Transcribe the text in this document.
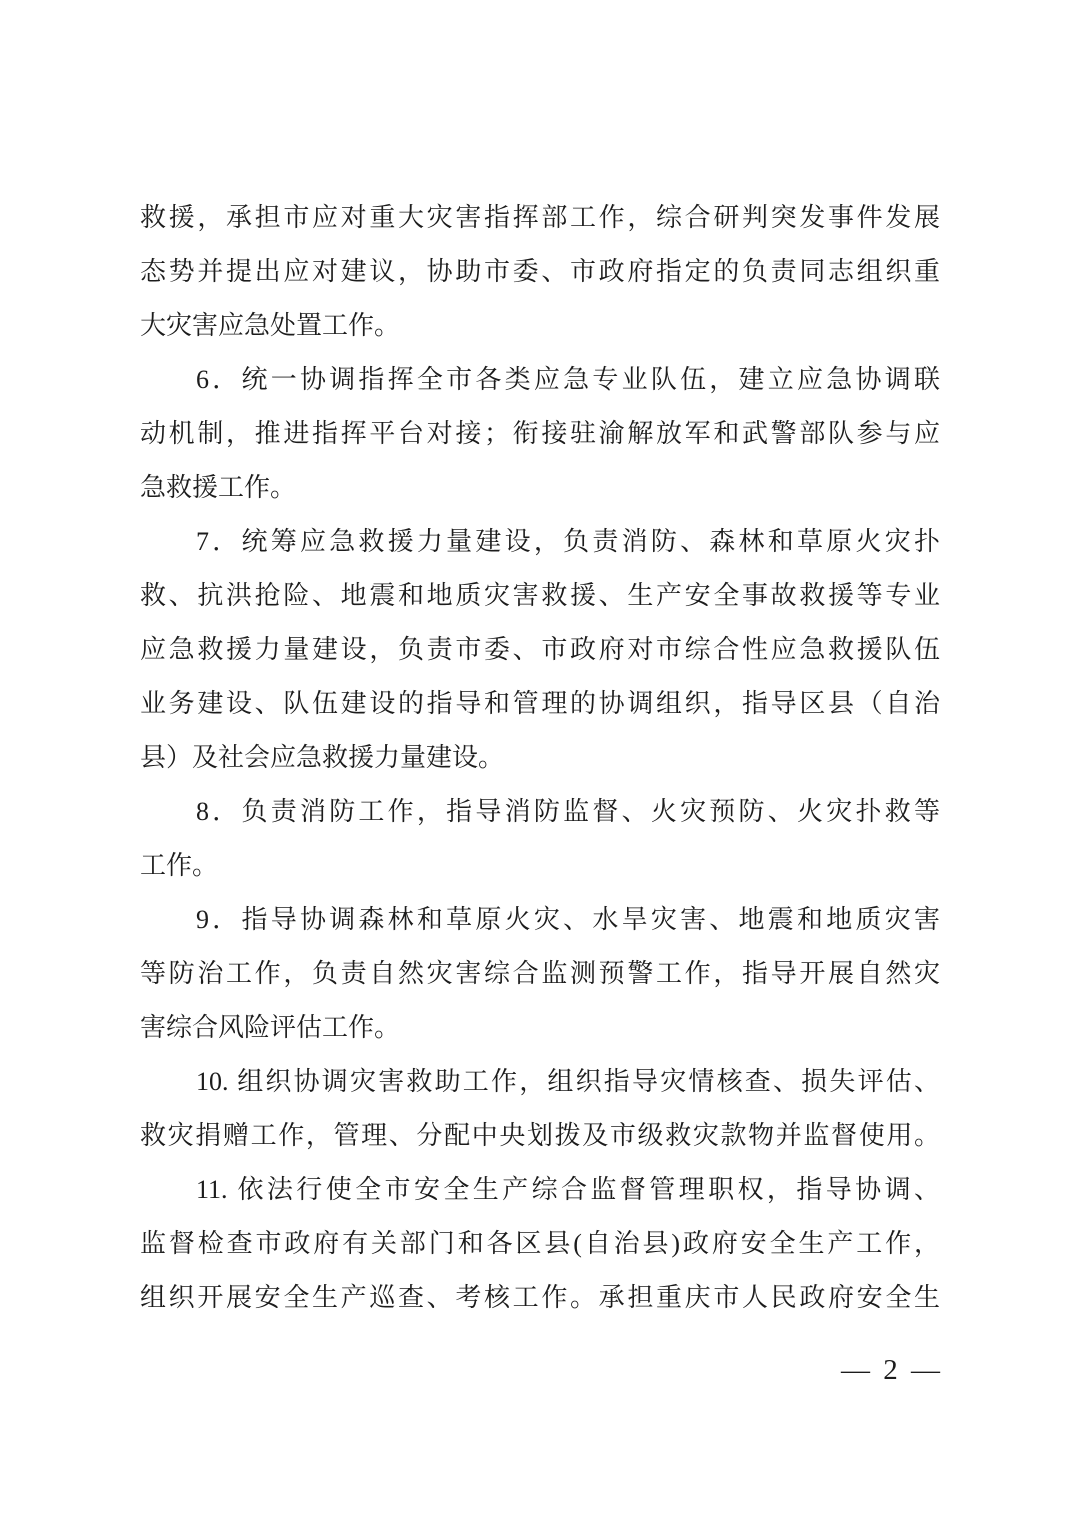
救援，承担市应对重大灾害指挥部工作，综合研判突发事件发展

态势并提出应对建议，协助市委、市政府指定的负责同志组织重

大灾害应急处置工作。

6．统一协调指挥全市各类应急专业队伍，建立应急协调联

动机制，推进指挥平台对接；衔接驻渝解放军和武警部队参与应

急救援工作。

7．统筹应急救援力量建设，负责消防、森林和草原火灾扑

救、抗洪抢险、地震和地质灾害救援、生产安全事故救援等专业

应急救援力量建设，负责市委、市政府对市综合性应急救援队伍

业务建设、队伍建设的指导和管理的协调组织，指导区县（自治

县）及社会应急救援力量建设。

8．负责消防工作，指导消防监督、火灾预防、火灾扑救等

工作。

9．指导协调森林和草原火灾、水旱灾害、地震和地质灾害

等防治工作，负责自然灾害综合监测预警工作，指导开展自然灾

害综合风险评估工作。

10. 组织协调灾害救助工作，组织指导灾情核查、损失评估、

救灾捐赠工作，管理、分配中央划拨及市级救灾款物并监督使用。

11. 依法行使全市安全生产综合监督管理职权，指导协调、

监督检查市政府有关部门和各区县(自治县)政府安全生产工作，

组织开展安全生产巡查、考核工作。承担重庆市人民政府安全生

— 2 —
